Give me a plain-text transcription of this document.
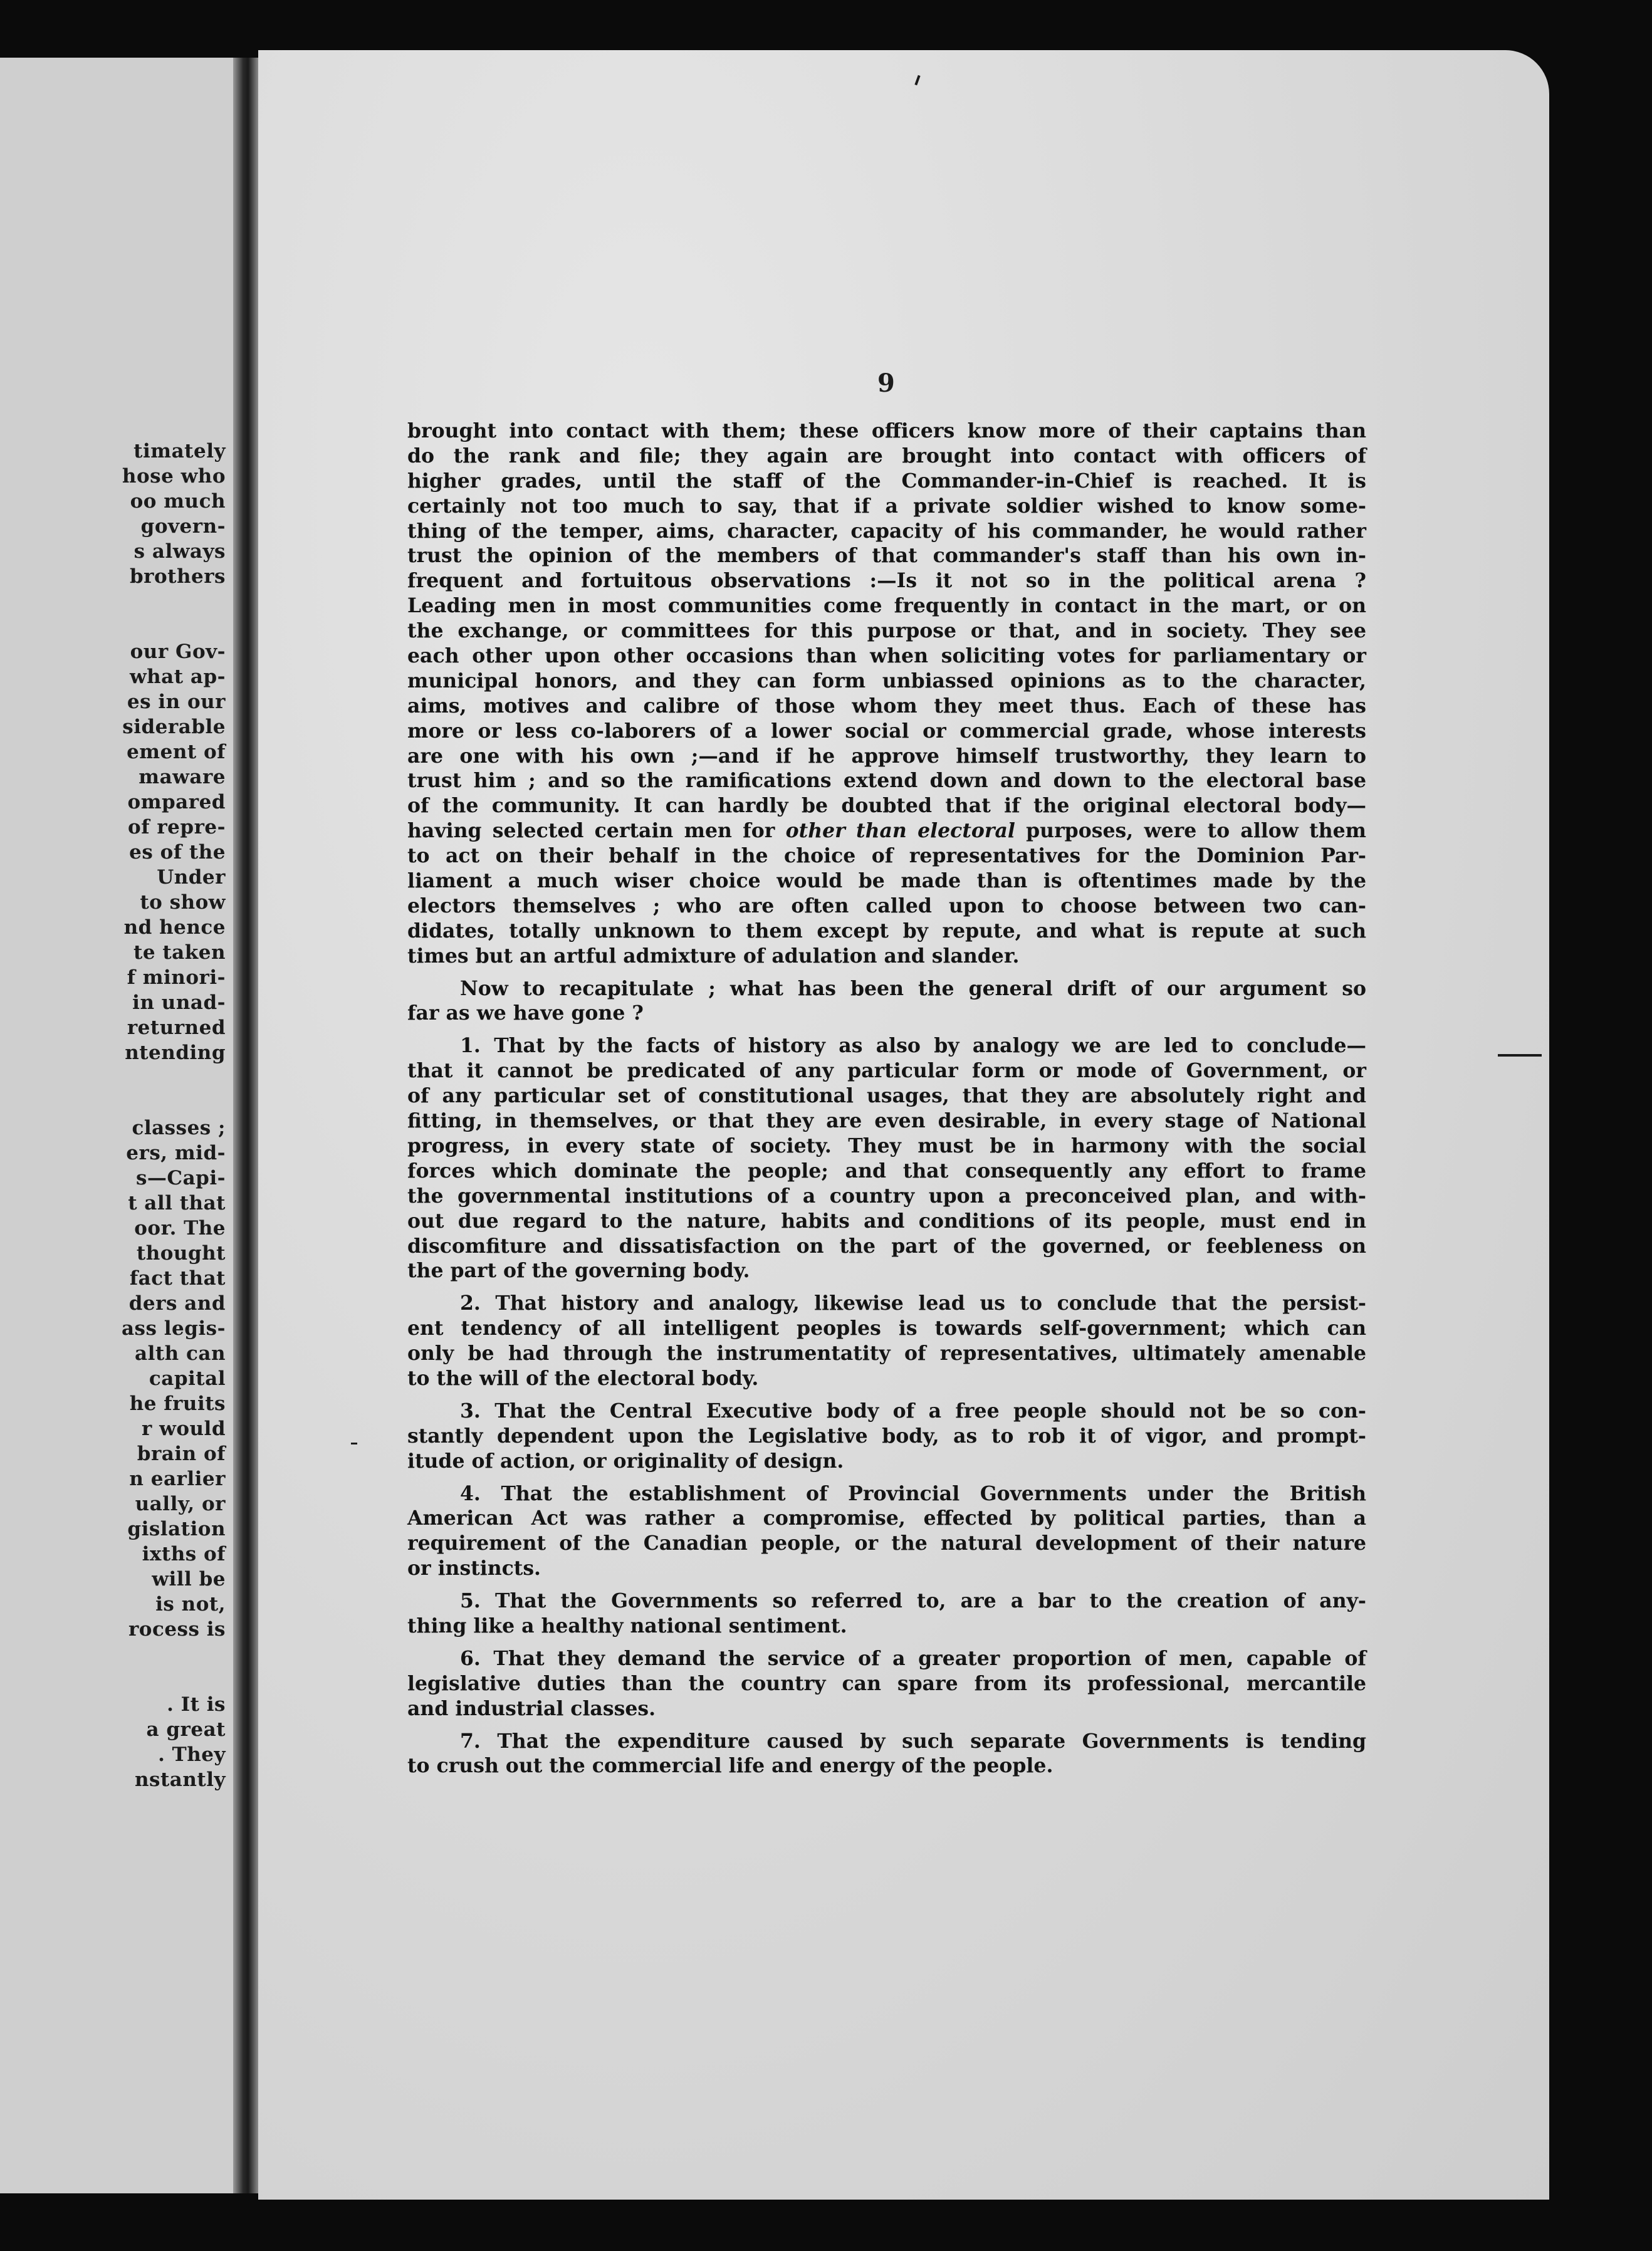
timately
hose who
oo much
govern-
s always
brothers
our Gov-
what ap-
es in our
siderable
ement of
maware
ompared
of repre-
es of the
Under
to show
nd hence
te taken
f minori-
in unad-
returned
ntending
classes ;
ers, mid-
s—Capi-
t all that
oor. The
thought
fact that
ders and
ass legis-
alth can
capital
he fruits
r would
brain of
n earlier
ually, or
gislation
ixths of
will be
is not,
rocess is
. It is
a great
. They
nstantly
9
brought into contact with them; these officers know more of their captains than
do the rank and file; they again are brought into contact with officers of
higher grades, until the staff of the Commander-in-Chief is reached. It is
certainly not too much to say, that if a private soldier wished to know some-
thing of the temper, aims, character, capacity of his commander, he would rather
trust the opinion of the members of that commander's staff than his own in-
frequent and fortuitous observations :—Is it not so in the political arena ?
Leading men in most communities come frequently in contact in the mart, or on
the exchange, or committees for this purpose or that, and in society. They see
each other upon other occasions than when soliciting votes for parliamentary or
municipal honors, and they can form unbiassed opinions as to the character,
aims, motives and calibre of those whom they meet thus. Each of these has
more or less co-laborers of a lower social or commercial grade, whose interests
are one with his own ;—and if he approve himself trustworthy, they learn to
trust him ; and so the ramifications extend down and down to the electoral base
of the community. It can hardly be doubted that if the original electoral body—
having selected certain men for other than electoral purposes, were to allow them
to act on their behalf in the choice of representatives for the Dominion Par-
liament a much wiser choice would be made than is oftentimes made by the
electors themselves ; who are often called upon to choose between two can-
didates, totally unknown to them except by repute, and what is repute at such
times but an artful admixture of adulation and slander.
Now to recapitulate ; what has been the general drift of our argument so
far as we have gone ?
1. That by the facts of history as also by analogy we are led to conclude—
that it cannot be predicated of any particular form or mode of Government, or
of any particular set of constitutional usages, that they are absolutely right and
fitting, in themselves, or that they are even desirable, in every stage of National
progress, in every state of society. They must be in harmony with the social
forces which dominate the people; and that consequently any effort to frame
the governmental institutions of a country upon a preconceived plan, and with-
out due regard to the nature, habits and conditions of its people, must end in
discomfiture and dissatisfaction on the part of the governed, or feebleness on
the part of the governing body.
2. That history and analogy, likewise lead us to conclude that the persist-
ent tendency of all intelligent peoples is towards self-government; which can
only be had through the instrumentatity of representatives, ultimately amenable
to the will of the electoral body.
3. That the Central Executive body of a free people should not be so con-
stantly dependent upon the Legislative body, as to rob it of vigor, and prompt-
itude of action, or originality of design.
4. That the establishment of Provincial Governments under the British
American Act was rather a compromise, effected by political parties, than a
requirement of the Canadian people, or the natural development of their nature
or instincts.
5. That the Governments so referred to, are a bar to the creation of any-
thing like a healthy national sentiment.
6. That they demand the service of a greater proportion of men, capable of
legislative duties than the country can spare from its professional, mercantile
and industrial classes.
7. That the expenditure caused by such separate Governments is tending
to crush out the commercial life and energy of the people.
